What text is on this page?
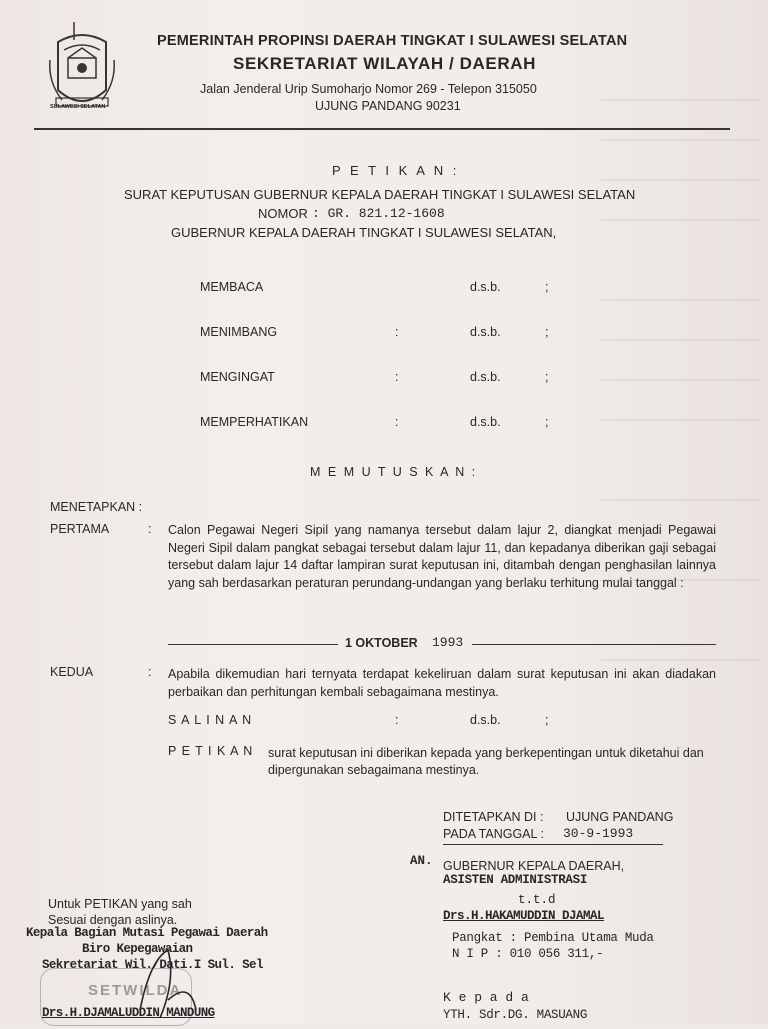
SULAWESI SELATAN
PEMERINTAH PROPINSI DAERAH TINGKAT I SULAWESI SELATAN
SEKRETARIAT WILAYAH / DAERAH
Jalan Jenderal Urip Sumoharjo Nomor 269 - Telepon 315050
UJUNG PANDANG 90231
P E T I K A N :
SURAT KEPUTUSAN GUBERNUR KEPALA DAERAH TINGKAT I SULAWESI SELATAN
NOMOR : GR. 821.12-1608
GUBERNUR KEPALA DAERAH TINGKAT I SULAWESI SELATAN,
MEMBACA	d.s.b.	;
MENIMBANG	:	d.s.b.	;
MENGINGAT	:	d.s.b.	;
MEMPERHATIKAN	:	d.s.b.	;
M E M U T U S K A N :
MENETAPKAN :
PERTAMA	: Calon Pegawai Negeri Sipil yang namanya tersebut dalam lajur 2, diangkat menjadi Pegawai Negeri Sipil dalam pangkat sebagai tersebut dalam lajur 11, dan kepadanya diberikan gaji sebagai tersebut dalam lajur 14 daftar lampiran surat keputusan ini, ditambah dengan penghasilan lainnya yang sah berdasarkan peraturan perundang-undangan yang berlaku terhitung mulai tanggal :
1 OKTOBER 1993
KEDUA	: Apabila dikemudian hari ternyata terdapat kekeliruan dalam surat keputusan ini akan diadakan perbaikan dan perhitungan kembali sebagaimana mestinya.
S A L I N A N	:	d.s.b.	;
P E T I K A N surat keputusan ini diberikan kepada yang berkepentingan untuk diketahui dan dipergunakan sebagaimana mestinya.
DITETAPKAN DI : UJUNG PANDANG
PADA TANGGAL : 30-9-1993
AN. GUBERNUR KEPALA DAERAH,
ASISTEN ADMINISTRASI
t.t.d
Drs.H.HAKAMUDDIN DJAMAL
Pangkat : Pembina Utama Muda
N I P : 010 056 311,-
Untuk PETIKAN yang sah
Sesuai dengan aslinya.
Kepala Bagian Mutasi Pegawai Daerah
Biro Kepegawaian
Sekretariat Wil./Dati.I Sul. Sel
SETWILDA
Drs.H.DJAMALUDDIN MANDUNG
K e p a d a
YTH. Sdr.DG. MASUANG
